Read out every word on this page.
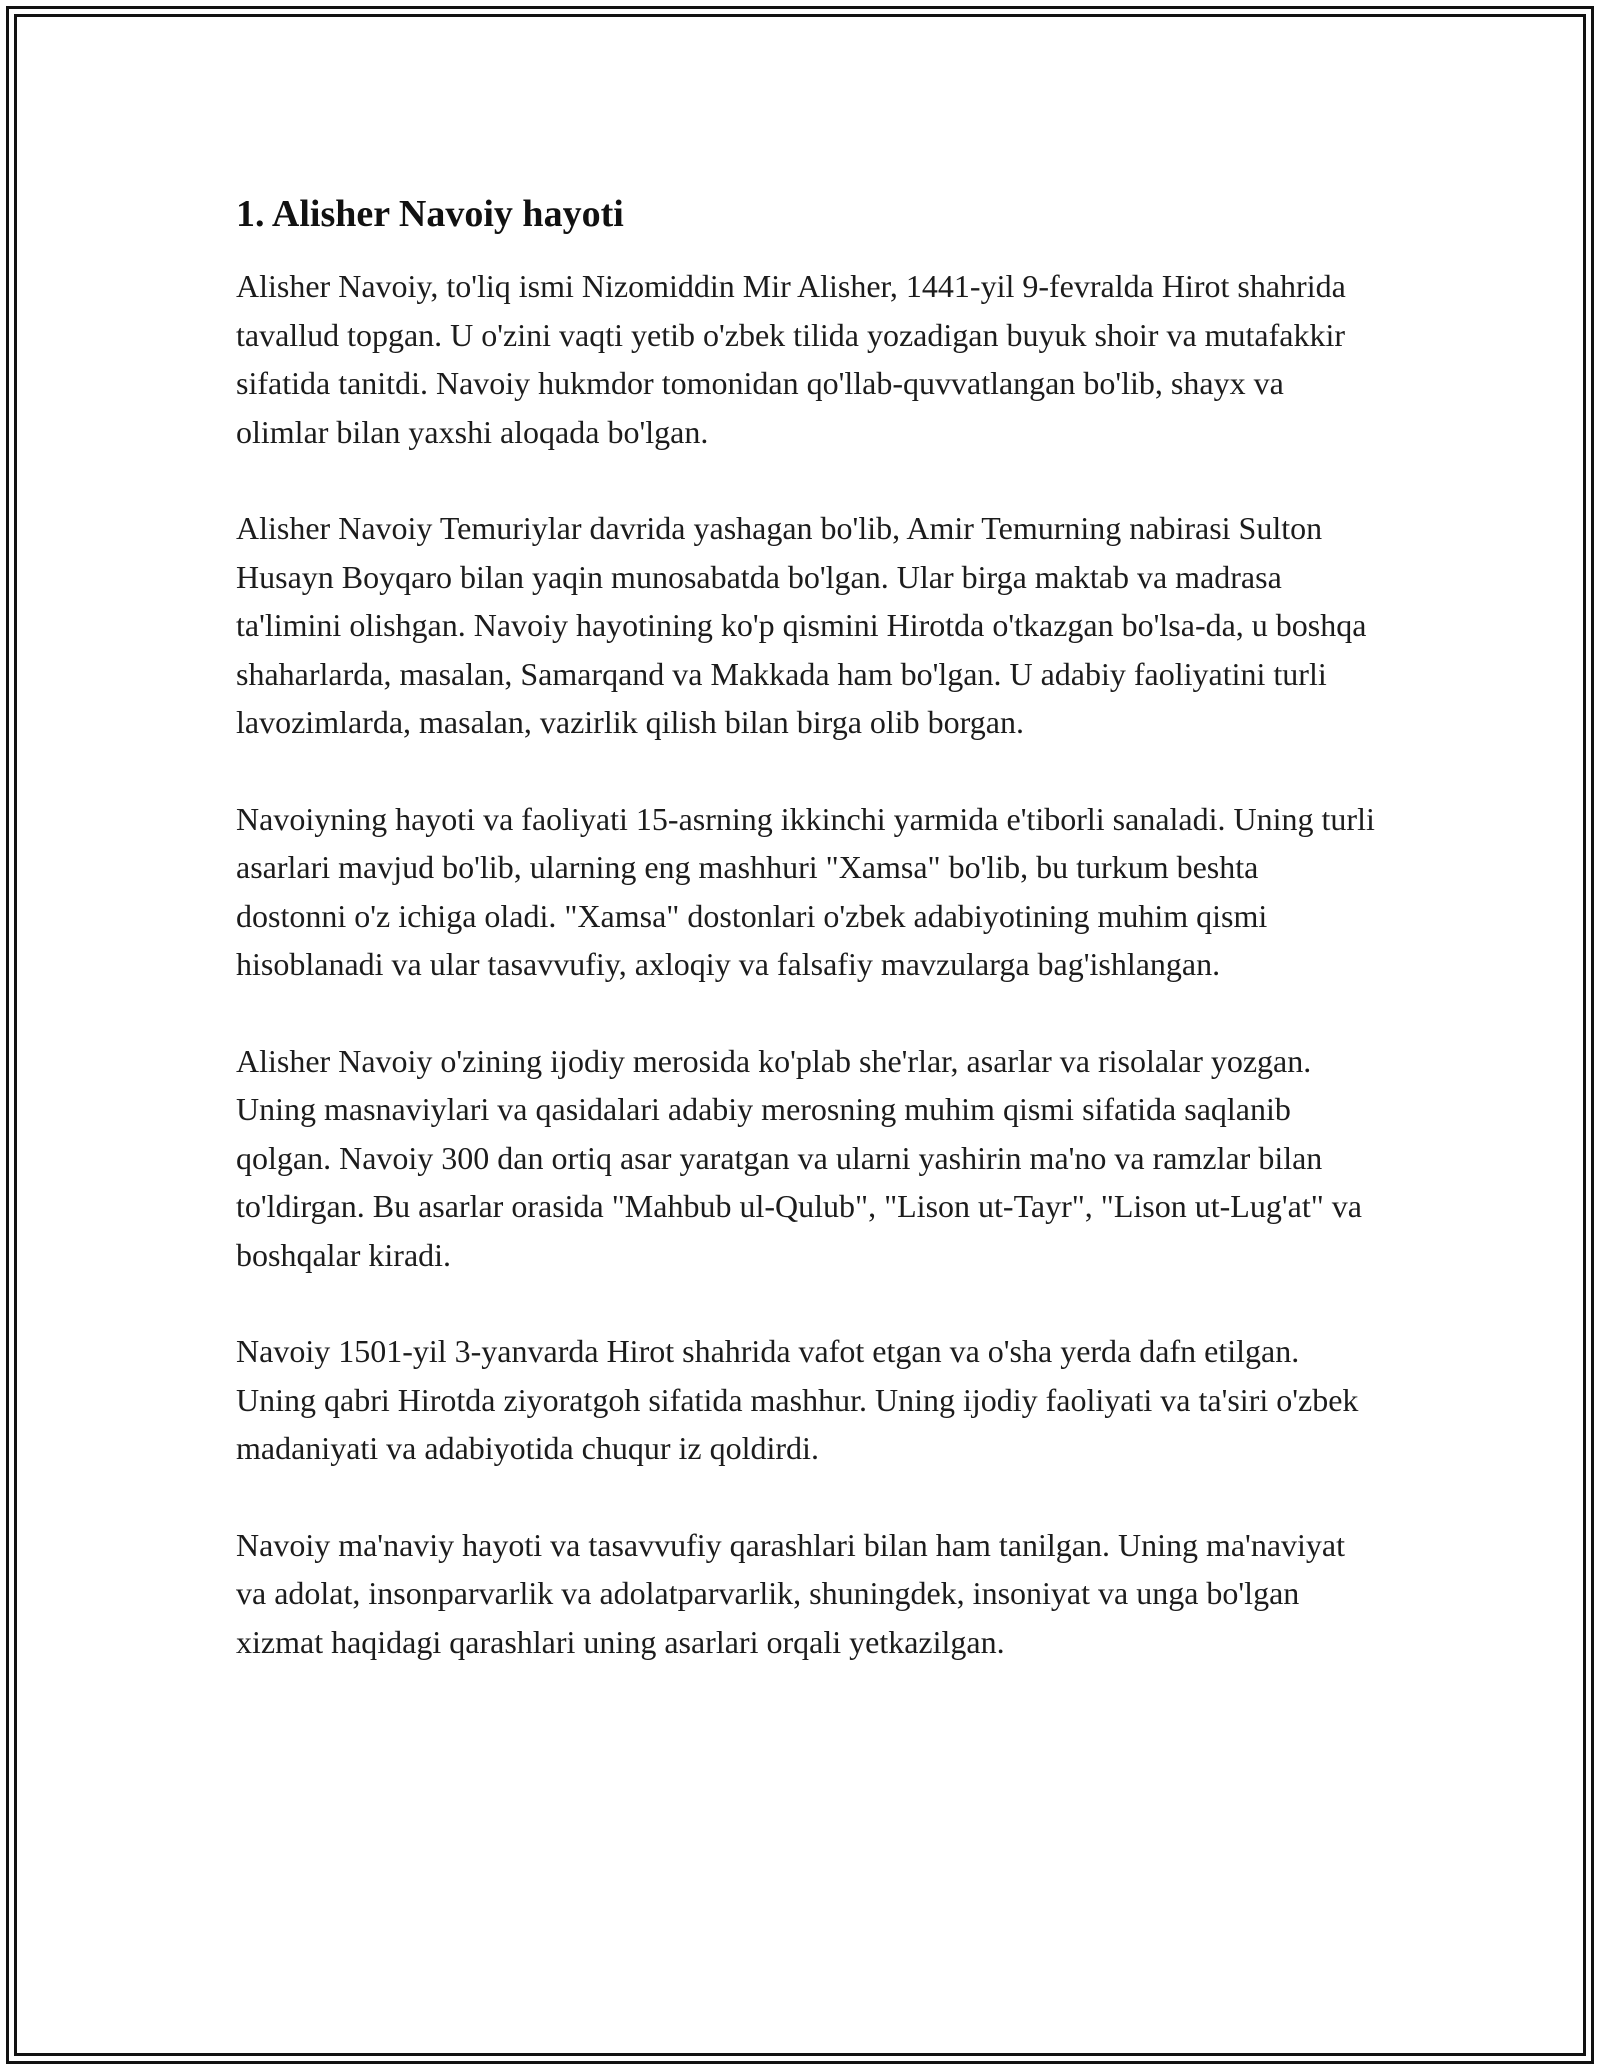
1. Alisher Navoiy hayoti

Alisher Navoiy, to'liq ismi Nizomiddin Mir Alisher, 1441-yil 9-fevralda Hirot shahrida tavallud topgan. U o'zini vaqti yetib o'zbek tilida yozadigan buyuk shoir va mutafakkir sifatida tanitdi. Navoiy hukmdor tomonidan qo'llab-quvvatlangan bo'lib, shayx va olimlar bilan yaxshi aloqada bo'lgan.

Alisher Navoiy Temuriylar davrida yashagan bo'lib, Amir Temurning nabirasi Sulton Husayn Boyqaro bilan yaqin munosabatda bo'lgan. Ular birga maktab va madrasa ta'limini olishgan. Navoiy hayotining ko'p qismini Hirotda o'tkazgan bo'lsa-da, u boshqa shaharlarda, masalan, Samarqand va Makkada ham bo'lgan. U adabiy faoliyatini turli lavozimlarda, masalan, vazirlik qilish bilan birga olib borgan.

Navoiyning hayoti va faoliyati 15-asrning ikkinchi yarmida e'tiborli sanaladi. Uning turli asarlari mavjud bo'lib, ularning eng mashhuri "Xamsa" bo'lib, bu turkum beshta dostonni o'z ichiga oladi. "Xamsa" dostonlari o'zbek adabiyotining muhim qismi hisoblanadi va ular tasavvufiy, axloqiy va falsafiy mavzularga bag'ishlangan.

Alisher Navoiy o'zining ijodiy merosida ko'plab she'rlar, asarlar va risolalar yozgan. Uning masnaviylari va qasidalari adabiy merosning muhim qismi sifatida saqlanib qolgan. Navoiy 300 dan ortiq asar yaratgan va ularni yashirin ma'no va ramzlar bilan to'ldirgan. Bu asarlar orasida "Mahbub ul-Qulub", "Lison ut-Tayr", "Lison ut-Lug'at" va boshqalar kiradi.

Navoiy 1501-yil 3-yanvarda Hirot shahrida vafot etgan va o'sha yerda dafn etilgan. Uning qabri Hirotda ziyoratgoh sifatida mashhur. Uning ijodiy faoliyati va ta'siri o'zbek madaniyati va adabiyotida chuqur iz qoldirdi.

Navoiy ma'naviy hayoti va tasavvufiy qarashlari bilan ham tanilgan. Uning ma'naviyat va adolat, insonparvarlik va adolatparvarlik, shuningdek, insoniyat va unga bo'lgan xizmat haqidagi qarashlari uning asarlari orqali yetkazilgan.
